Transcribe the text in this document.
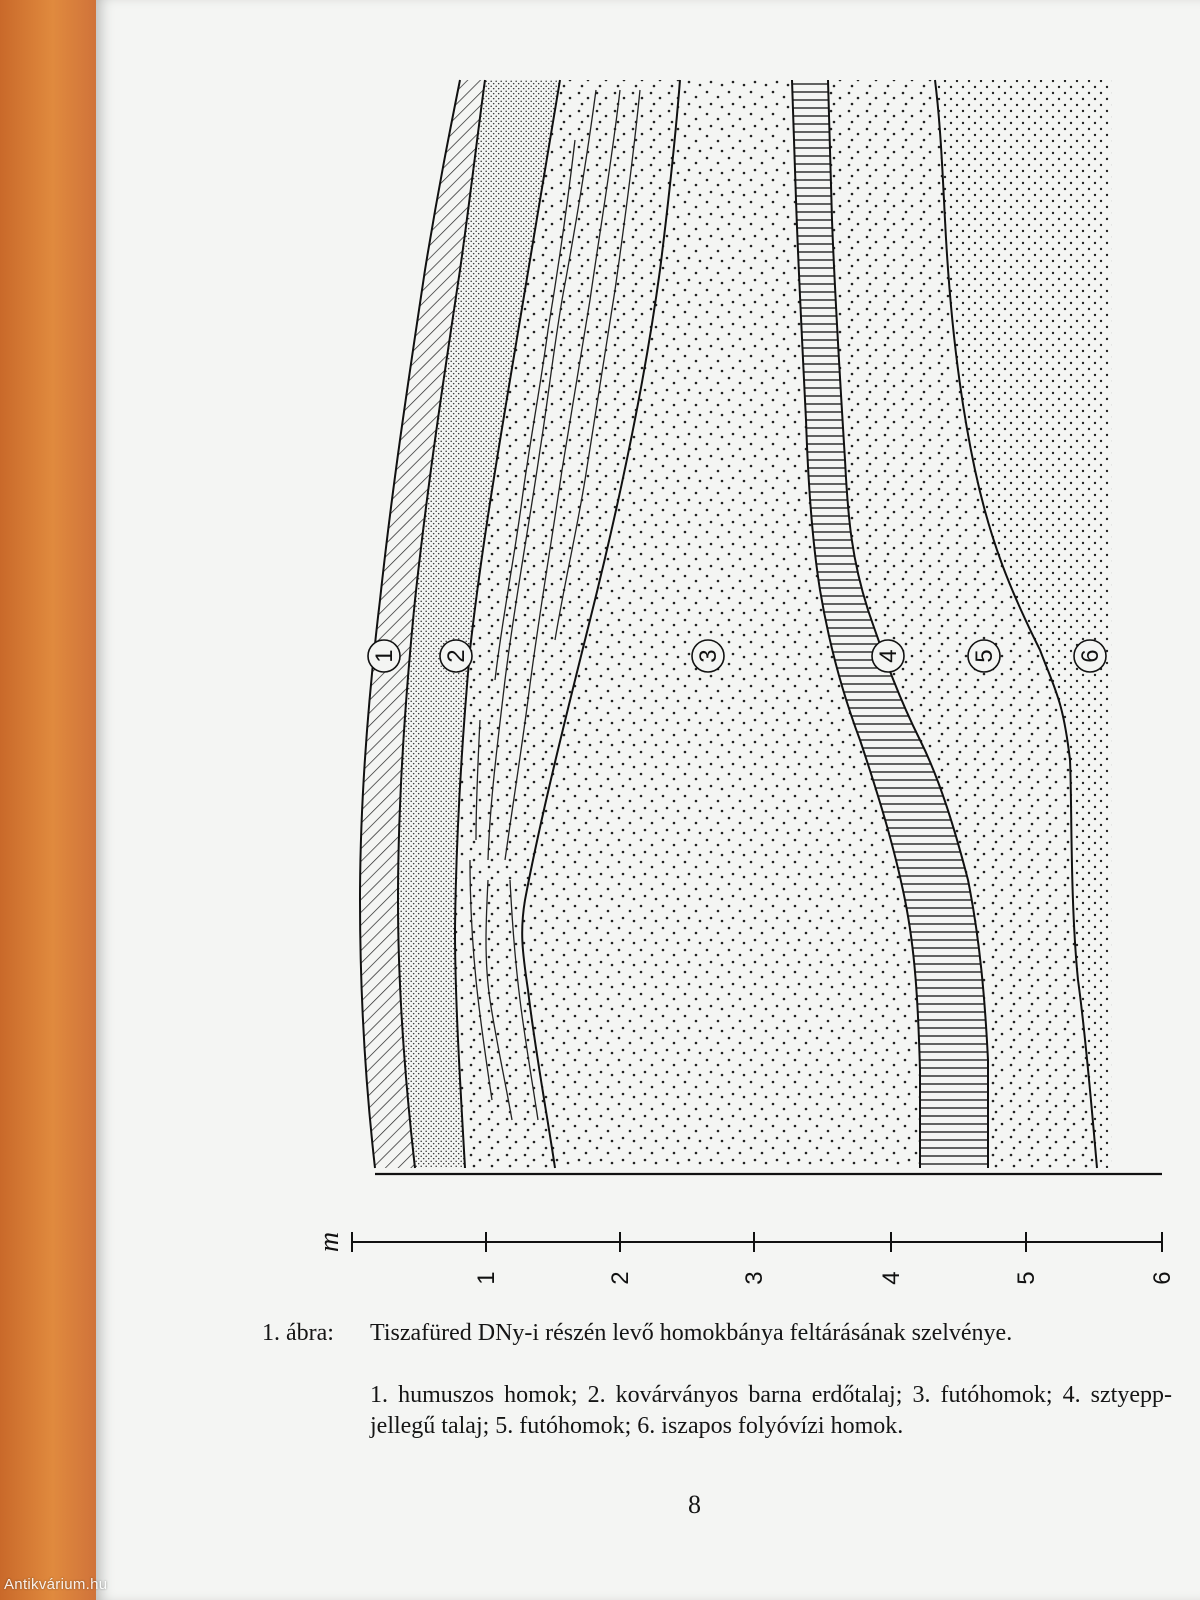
1 2	3	4	5	6
m
1	2	3	4	5	6
1. ábra: Tiszafüred DNy-i részén levő homokbánya feltárásának szelvénye.
1. humuszos homok; 2. kovárványos barna erdőtalaj; 3. futóhomok; 4. sztyepp-jellegű talaj; 5. futóhomok; 6. iszapos folyóvízi homok.
8
Antikvárium.hu
